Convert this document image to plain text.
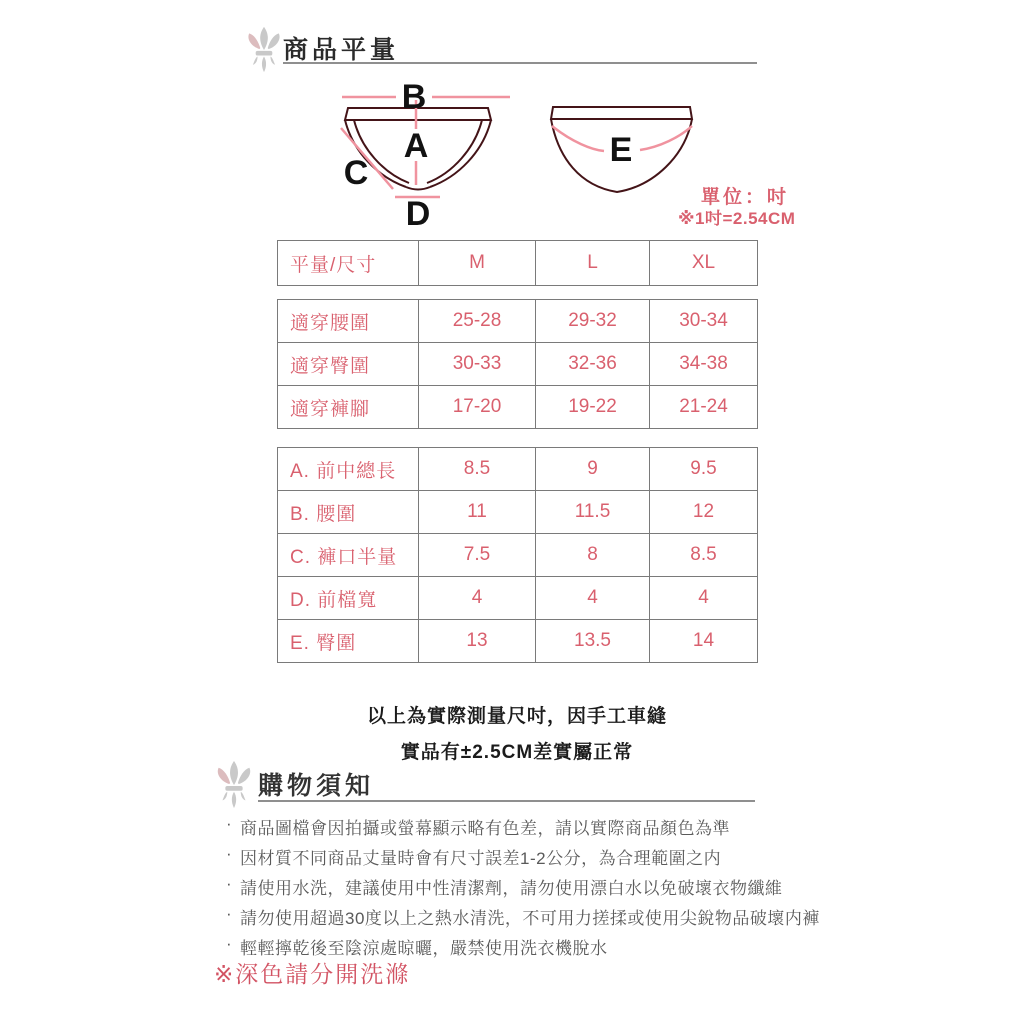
商品平量
B
A
C
D
E
單位：吋
※1吋=2.54CM
平量/尺寸	M	L	XL
適穿腰圍	25-28	29-32	30-34
適穿臀圍	30-33	32-36	34-38
適穿褲腳	17-20	19-22	21-24
A. 前中總長	8.5	9	9.5
B. 腰圍	11	11.5	12
C. 褲口半量	7.5	8	8.5
D. 前檔寬	4	4	4
E. 臀圍	13	13.5	14
以上為實際測量尺吋，因手工車縫
實品有±2.5CM差實屬正常
購物須知
· 商品圖檔會因拍攝或螢幕顯示略有色差，請以實際商品顏色為準
· 因材質不同商品丈量時會有尺寸誤差1-2公分，為合理範圍之内
· 請使用水洗，建議使用中性清潔劑，請勿使用漂白水以免破壞衣物纖維
· 請勿使用超過30度以上之熱水清洗，不可用力搓揉或使用尖銳物品破壞内褲
· 輕輕擰乾後至陰涼處晾曬，嚴禁使用洗衣機脫水
※深色請分開洗滌
